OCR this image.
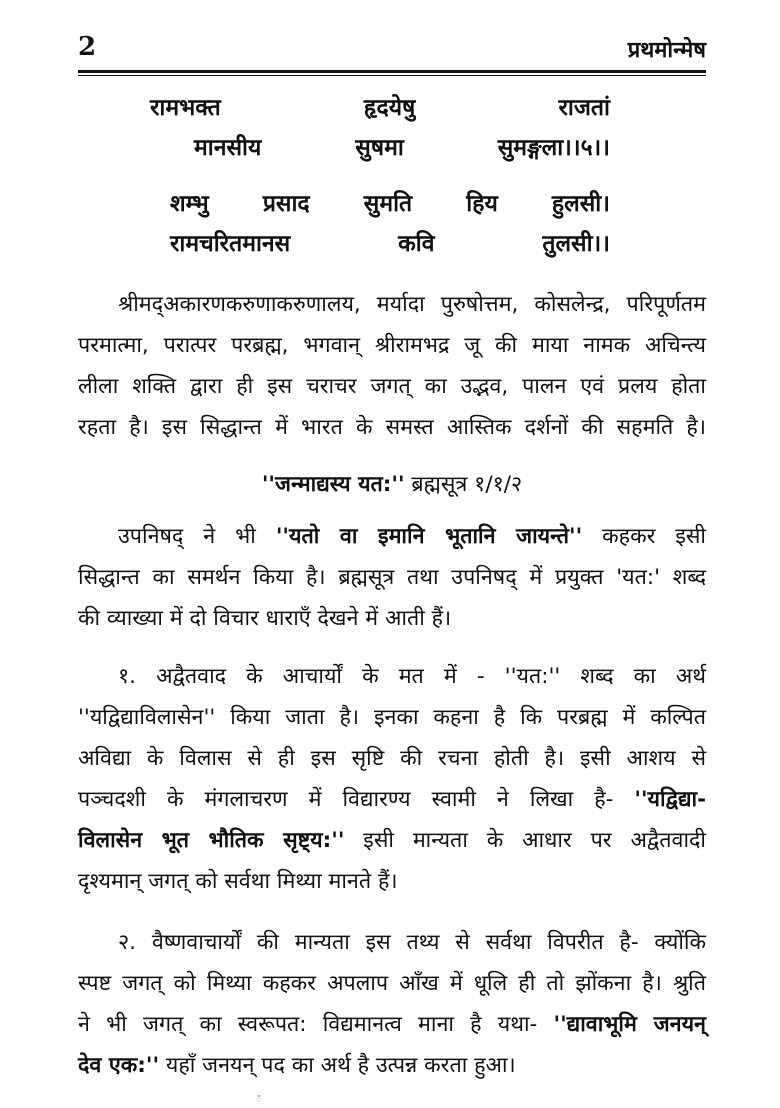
2	प्रथमोन्मेष
रामभक्त	हृदयेषु	राजतां
मानसीय	सुषमा	सुमङ्गला।।५।।
शम्भु प्रसाद सुमति हिय हुलसी।
रामचरितमानस	कवि	तुलसी।।
श्रीमद्अकारणकरुणाकरुणालय, मर्यादा पुरुषोत्तम, कोसलेन्द्र, परिपूर्णतम
परमात्मा, परात्पर परब्रह्म, भगवान् श्रीरामभद्र जू की माया नामक अचिन्त्य
लीला शक्ति द्वारा ही इस चराचर जगत् का उद्भव, पालन एवं प्रलय होता
रहता है। इस सिद्धान्त में भारत के समस्त आस्तिक दर्शनों की सहमति है।
''जन्माद्यस्य यत:'' ब्रह्मसूत्र १/१/२
उपनिषद् ने भी ''यतो वा इमानि भूतानि जायन्ते'' कहकर इसी
सिद्धान्त का समर्थन किया है। ब्रह्मसूत्र तथा उपनिषद् में प्रयुक्त 'यत:' शब्द
की व्याख्या में दो विचार धाराएँ देखने में आती हैं।
१. अद्वैतवाद के आचार्यों के मत में - ''यत:'' शब्द का अर्थ
''यद्विद्याविलासेन'' किया जाता है। इनका कहना है कि परब्रह्म में कल्पित
अविद्या के विलास से ही इस सृष्टि की रचना होती है। इसी आशय से
पञ्चदशी के मंगलाचरण में विद्यारण्य स्वामी ने लिखा है- ''यद्विद्या-
विलासेन भूत भौतिक सृष्ट्य:'' इसी मान्यता के आधार पर अद्वैतवादी
दृश्यमान् जगत् को सर्वथा मिथ्या मानते हैं।
२. वैष्णवाचार्यों की मान्यता इस तथ्य से सर्वथा विपरीत है- क्योंकि
स्पष्ट जगत् को मिथ्या कहकर अपलाप आँख में धूलि ही तो झोंकना है। श्रुति
ने भी जगत् का स्वरूपत: विद्यमानत्व माना है यथा- ''द्यावाभूमि जनयन्
देव एक:'' यहाँ जनयन् पद का अर्थ है उत्पन्न करता हुआ।
ॅ
